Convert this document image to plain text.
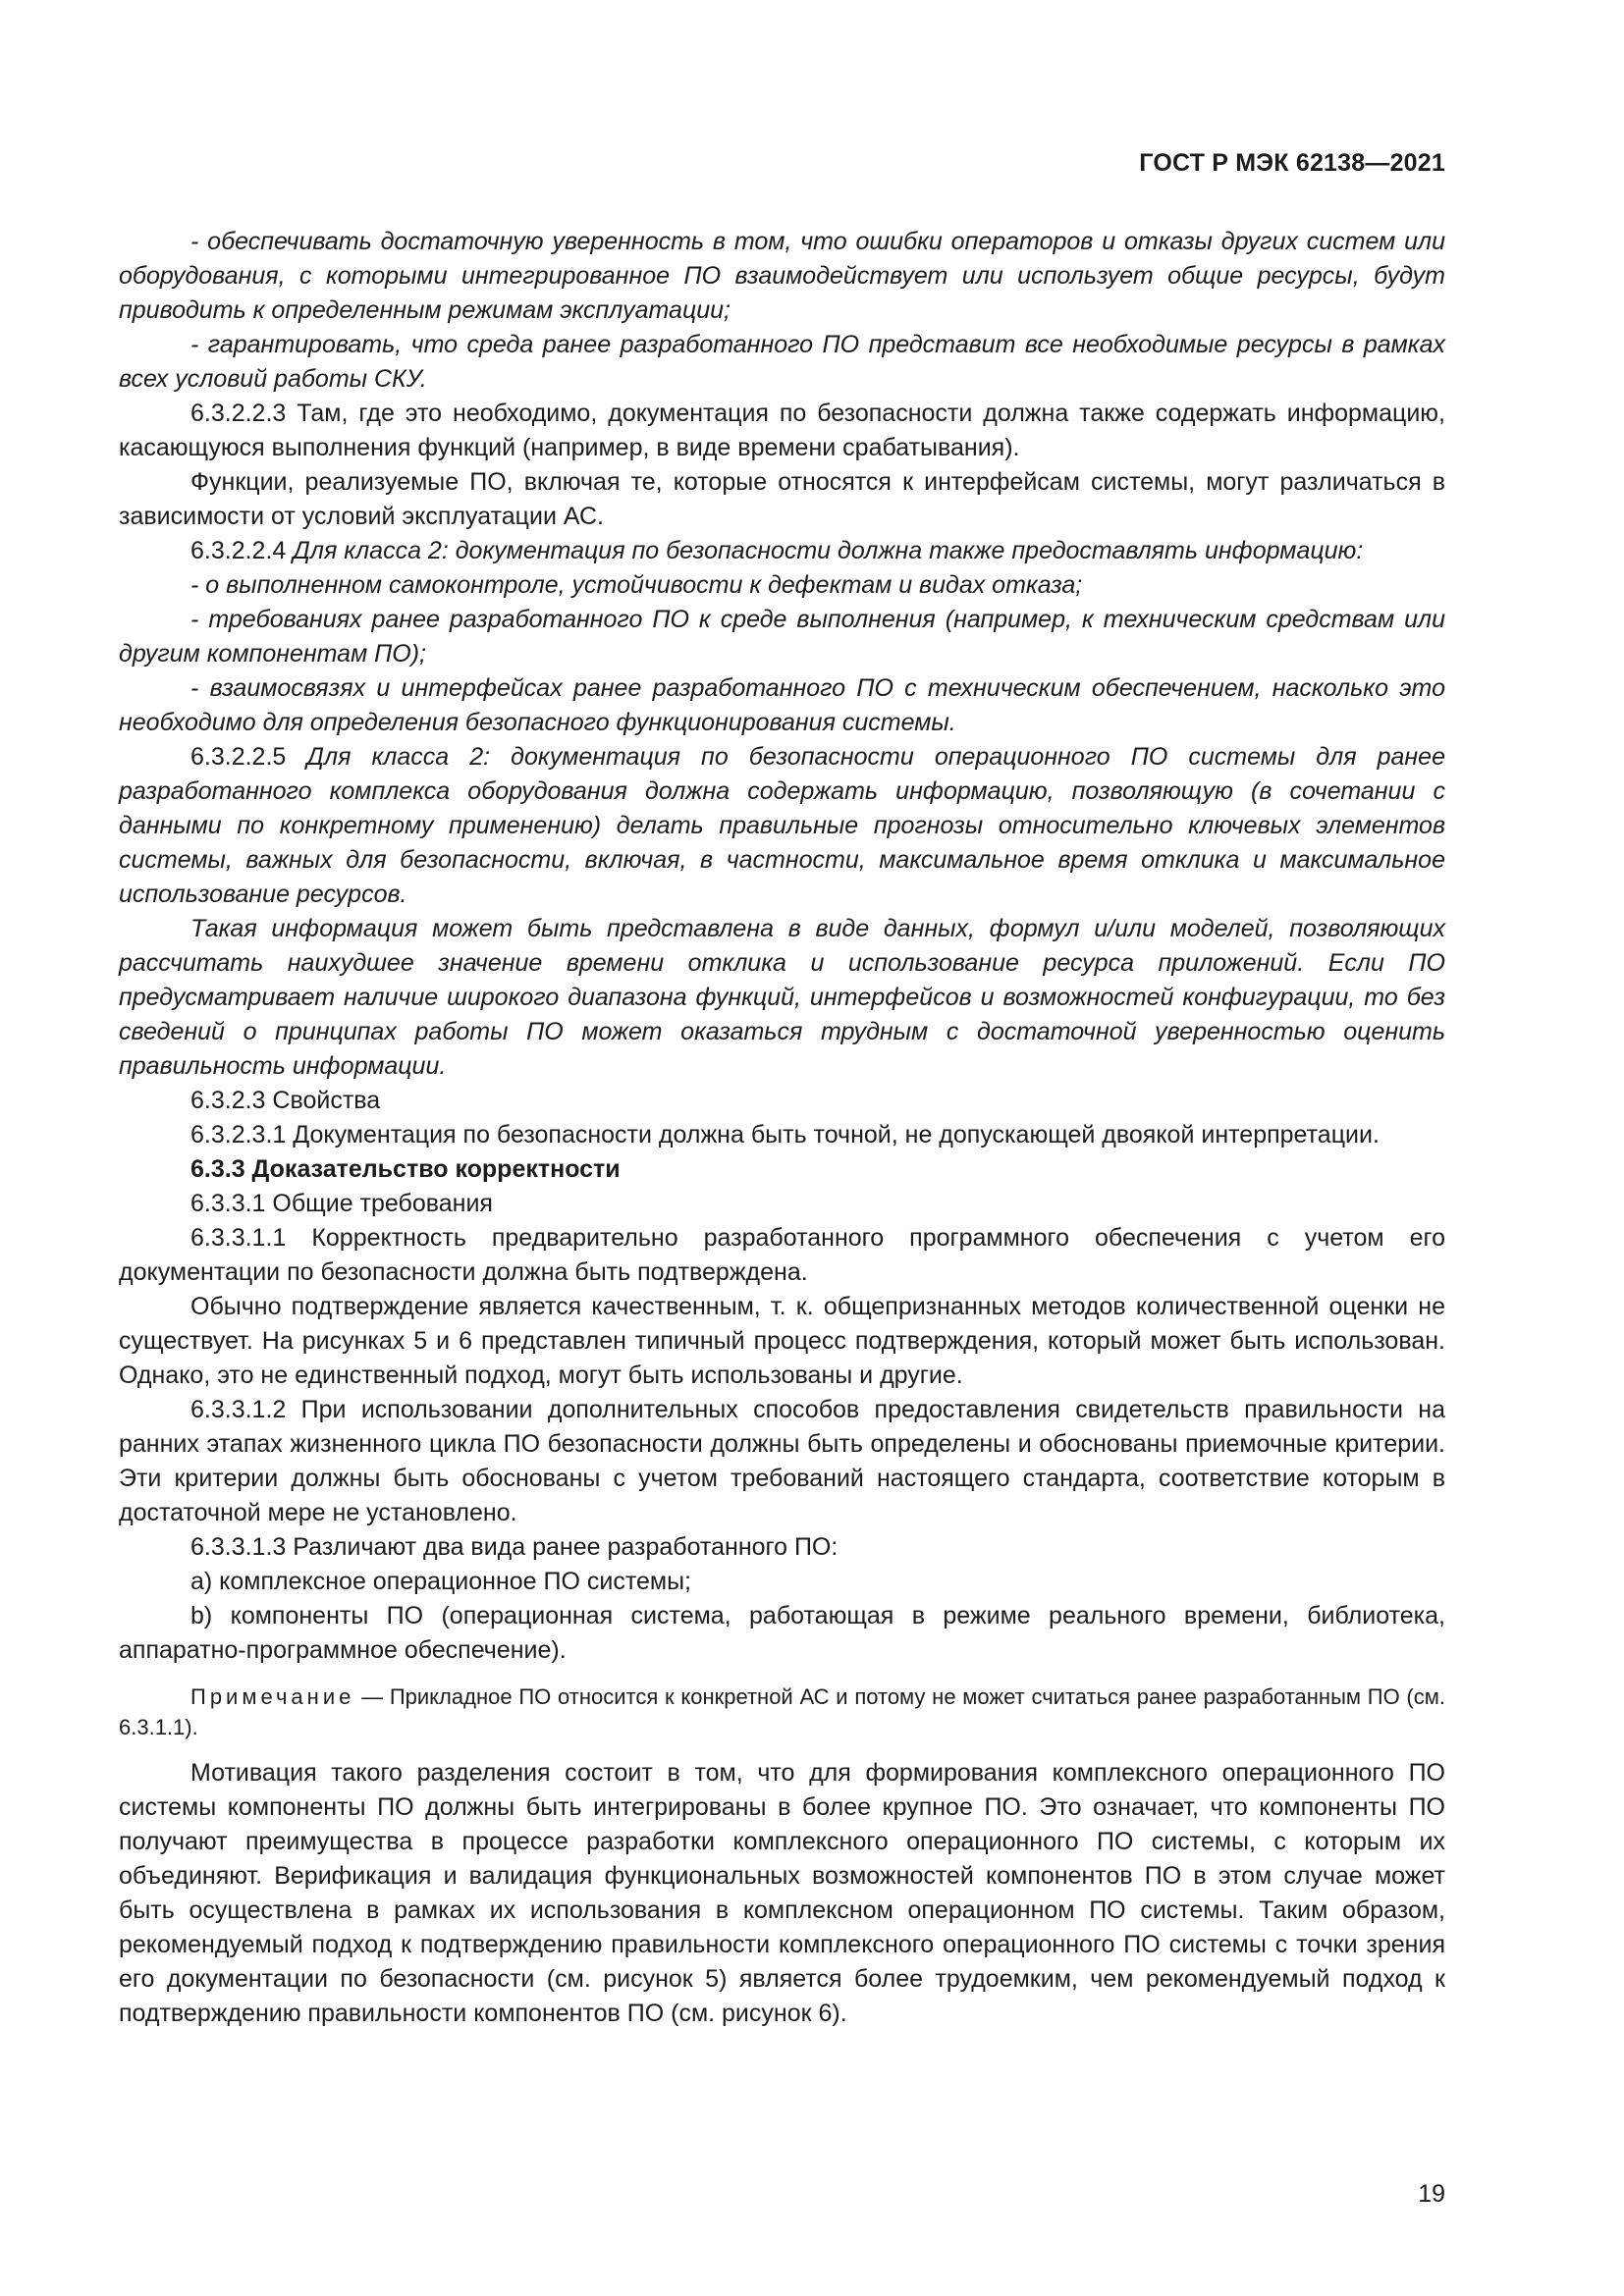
ГОСТ Р МЭК 62138—2021

- обеспечивать достаточную уверенность в том, что ошибки операторов и отказы других систем или оборудования, с которыми интегрированное ПО взаимодействует или использует общие ресурсы, будут приводить к определенным режимам эксплуатации;

- гарантировать, что среда ранее разработанного ПО представит все необходимые ресурсы в рамках всех условий работы СКУ.

6.3.2.2.3 Там, где это необходимо, документация по безопасности должна также содержать информацию, касающуюся выполнения функций (например, в виде времени срабатывания).

Функции, реализуемые ПО, включая те, которые относятся к интерфейсам системы, могут различаться в зависимости от условий эксплуатации АС.

6.3.2.2.4 Для класса 2: документация по безопасности должна также предоставлять информацию:

- о выполненном самоконтроле, устойчивости к дефектам и видах отказа;

- требованиях ранее разработанного ПО к среде выполнения (например, к техническим средствам или другим компонентам ПО);

- взаимосвязях и интерфейсах ранее разработанного ПО с техническим обеспечением, насколько это необходимо для определения безопасного функционирования системы.

6.3.2.2.5 Для класса 2: документация по безопасности операционного ПО системы для ранее разработанного комплекса оборудования должна содержать информацию, позволяющую (в сочетании с данными по конкретному применению) делать правильные прогнозы относительно ключевых элементов системы, важных для безопасности, включая, в частности, максимальное время отклика и максимальное использование ресурсов.

Такая информация может быть представлена в виде данных, формул и/или моделей, позволяющих рассчитать наихудшее значение времени отклика и использование ресурса приложений. Если ПО предусматривает наличие широкого диапазона функций, интерфейсов и возможностей конфигурации, то без сведений о принципах работы ПО может оказаться трудным с достаточной уверенностью оценить правильность информации.

6.3.2.3 Свойства

6.3.2.3.1 Документация по безопасности должна быть точной, не допускающей двоякой интерпретации.

6.3.3 Доказательство корректности

6.3.3.1 Общие требования

6.3.3.1.1 Корректность предварительно разработанного программного обеспечения с учетом его документации по безопасности должна быть подтверждена.

Обычно подтверждение является качественным, т. к. общепризнанных методов количественной оценки не существует. На рисунках 5 и 6 представлен типичный процесс подтверждения, который может быть использован. Однако, это не единственный подход, могут быть использованы и другие.

6.3.3.1.2 При использовании дополнительных способов предоставления свидетельств правильности на ранних этапах жизненного цикла ПО безопасности должны быть определены и обоснованы приемочные критерии. Эти критерии должны быть обоснованы с учетом требований настоящего стандарта, соответствие которым в достаточной мере не установлено.

6.3.3.1.3 Различают два вида ранее разработанного ПО:

а) комплексное операционное ПО системы;

b) компоненты ПО (операционная система, работающая в режиме реального времени, библиотека, аппаратно-программное обеспечение).

Примечание — Прикладное ПО относится к конкретной АС и потому не может считаться ранее разработанным ПО (см. 6.3.1.1).

Мотивация такого разделения состоит в том, что для формирования комплексного операционного ПО системы компоненты ПО должны быть интегрированы в более крупное ПО. Это означает, что компоненты ПО получают преимущества в процессе разработки комплексного операционного ПО системы, с которым их объединяют. Верификация и валидация функциональных возможностей компонентов ПО в этом случае может быть осуществлена в рамках их использования в комплексном операционном ПО системы. Таким образом, рекомендуемый подход к подтверждению правильности комплексного операционного ПО системы с точки зрения его документации по безопасности (см. рисунок 5) является более трудоемким, чем рекомендуемый подход к подтверждению правильности компонентов ПО (см. рисунок 6).

19
